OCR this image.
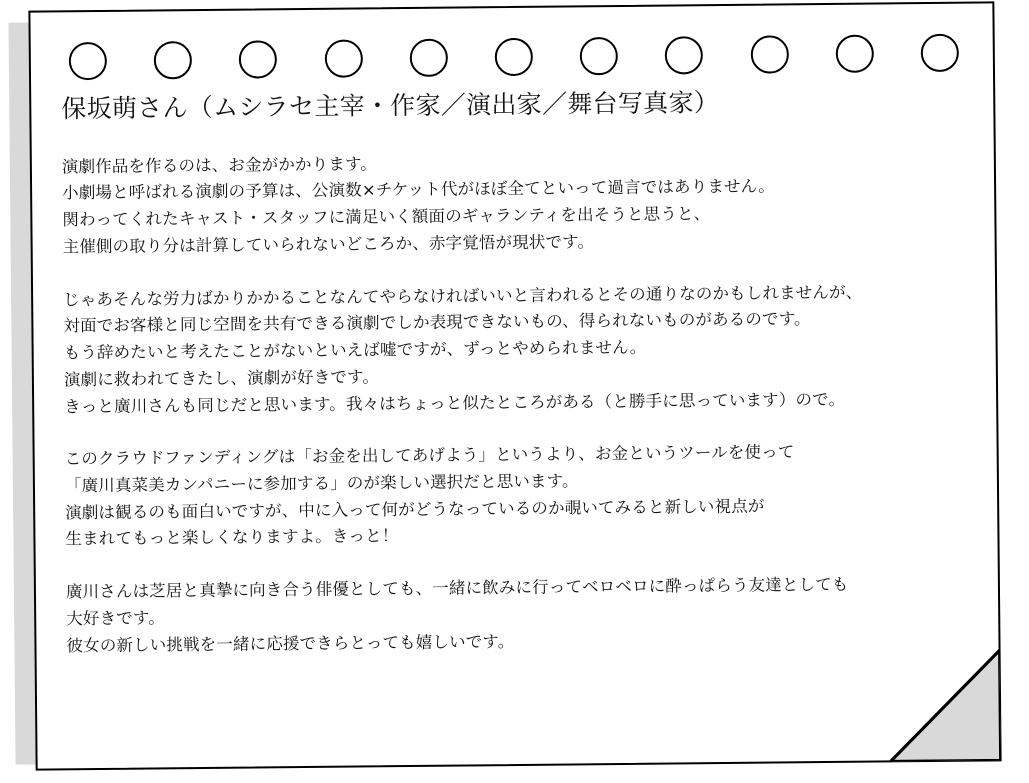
保坂萌さん（ムシラセ主宰・作家／演出家／舞台写真家）
演劇作品を作るのは、お金がかかります。
小劇場と呼ばれる演劇の予算は、公演数×チケット代がほぼ全てといって過言ではありません。
関わってくれたキャスト・スタッフに満足いく額面のギャランティを出そうと思うと、
主催側の取り分は計算していられないどころか、赤字覚悟が現状です。
じゃあそんな労力ばかりかかることなんてやらなければいいと言われるとその通りなのかもしれませんが、
対面でお客様と同じ空間を共有できる演劇でしか表現できないもの、得られないものがあるのです。
もう辞めたいと考えたことがないといえば嘘ですが、ずっとやめられません。
演劇に救われてきたし、演劇が好きです。
きっと廣川さんも同じだと思います。我々はちょっと似たところがある（と勝手に思っています）ので。
このクラウドファンディングは「お金を出してあげよう」というより、お金というツールを使って
「廣川真菜美カンパニーに参加する」のが楽しい選択だと思います。
演劇は観るのも面白いですが、中に入って何がどうなっているのか覗いてみると新しい視点が
生まれてもっと楽しくなりますよ。きっと！
廣川さんは芝居と真摯に向き合う俳優としても、一緒に飲みに行ってベロベロに酔っぱらう友達としても
大好きです。
彼女の新しい挑戦を一緒に応援できらとっても嬉しいです。
